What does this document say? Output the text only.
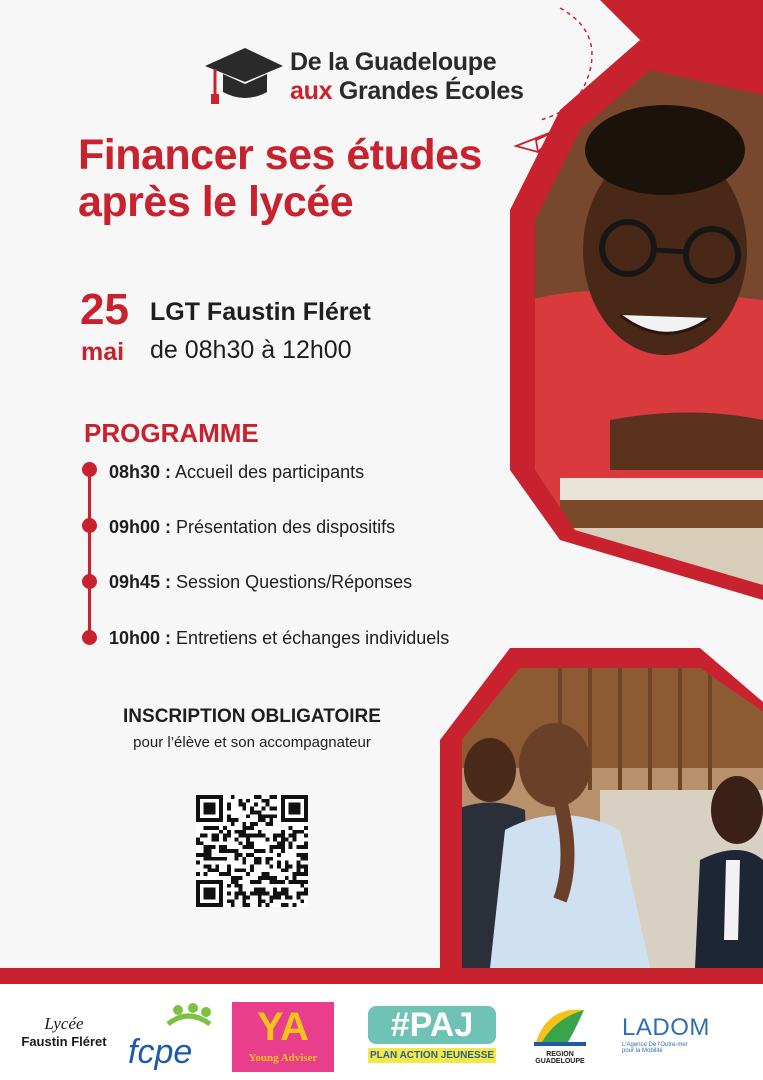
De la Guadeloupe
aux Grandes Écoles
Financer ses études
après le lycée
25
mai
LGT Faustin Fléret
de 08h30 à 12h00
PROGRAMME
08h30 : Accueil des participants
09h00 : Présentation des dispositifs
09h45 : Session Questions/Réponses
10h00 : Entretiens et échanges individuels
INSCRIPTION OBLIGATOIRE
pour l’élève et son accompagnateur
Lycée
Faustin Fléret fcpe
YA
Young Adviser
#PAJ
PLAN ACTION JEUNESSE	REGION
GUADELOUPE
LADOM
L'Agence De l'Outre-mer
pour la Mobilité
